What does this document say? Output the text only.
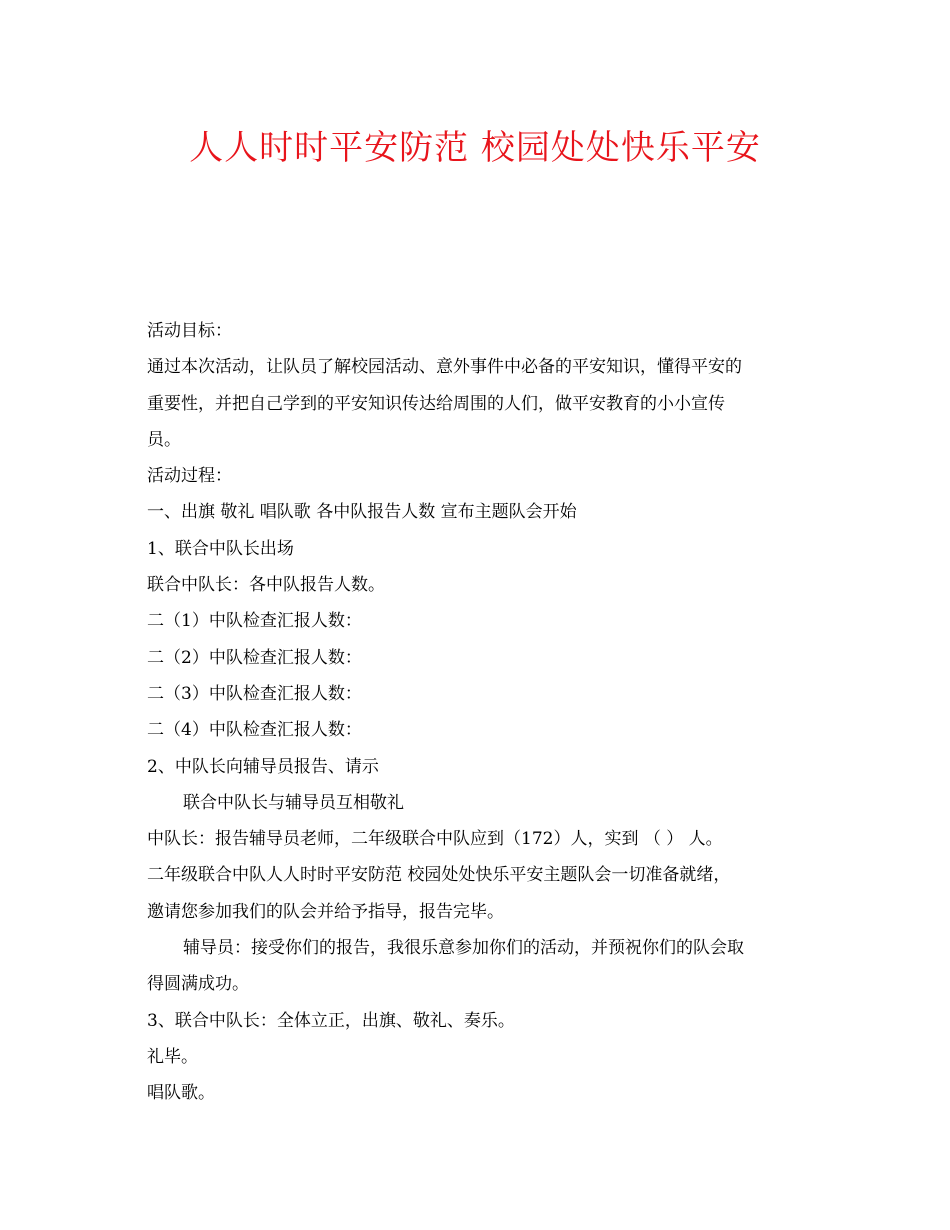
人人时时平安防范 校园处处快乐平安

活动目标：

通过本次活动，让队员了解校园活动、意外事件中必备的平安知识，懂得平安的

重要性，并把自己学到的平安知识传达给周围的人们，做平安教育的小小宣传

员。

活动过程：

一、出旗 敬礼 唱队歌 各中队报告人数 宣布主题队会开始

1、联合中队长出场

联合中队长：各中队报告人数。

二（1）中队检查汇报人数：

二（2）中队检查汇报人数：

二（3）中队检查汇报人数：

二（4）中队检查汇报人数：

2、中队长向辅导员报告、请示

联合中队长与辅导员互相敬礼

中队长：报告辅导员老师，二年级联合中队应到（172）人，实到 （ ） 人。

二年级联合中队人人时时平安防范 校园处处快乐平安主题队会一切准备就绪，

邀请您参加我们的队会并给予指导，报告完毕。

辅导员：接受你们的报告，我很乐意参加你们的活动，并预祝你们的队会取

得圆满成功。

3、联合中队长：全体立正，出旗、敬礼、奏乐。

礼毕。

唱队歌。
